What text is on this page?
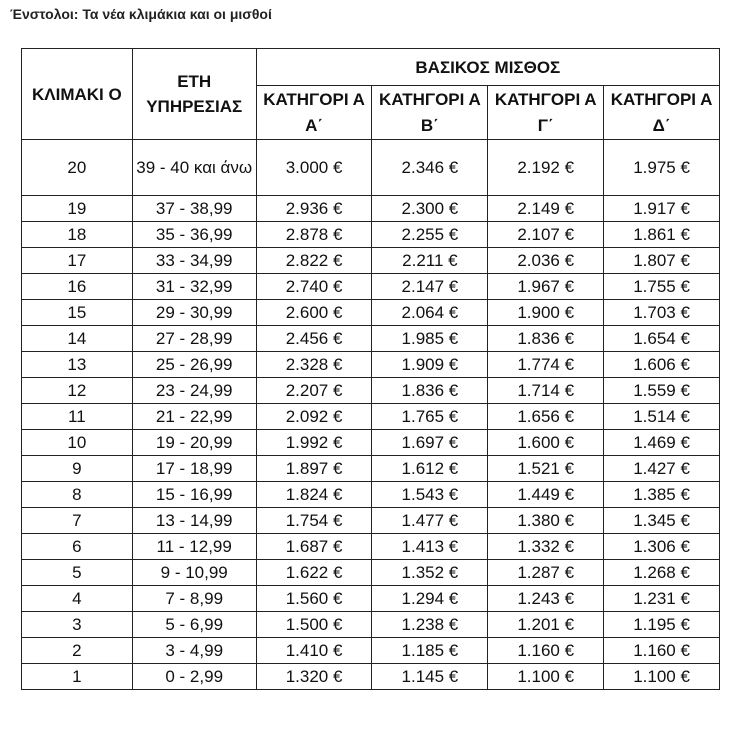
Ένστολοι: Τα νέα κλιμάκια και οι μισθοί
ΚΛΙΜΑΚΙ Ο	ΕΤΗ ΥΠΗΡΕΣΙΑΣ	ΒΑΣΙΚΟΣ ΜΙΣΘΟΣ			
		ΚΑΤΗΓΟΡΙ Α Α΄	ΚΑΤΗΓΟΡΙ Α Β΄	ΚΑΤΗΓΟΡΙ Α Γ΄	ΚΑΤΗΓΟΡΙ Α Δ΄
20	39 - 40 και άνω	3.000 €	2.346 €	2.192 €	1.975 €
19	37 - 38,99	2.936 €	2.300 €	2.149 €	1.917 €
18	35 - 36,99	2.878 €	2.255 €	2.107 €	1.861 €
17	33 - 34,99	2.822 €	2.211 €	2.036 €	1.807 €
16	31 - 32,99	2.740 €	2.147 €	1.967 €	1.755 €
15	29 - 30,99	2.600 €	2.064 €	1.900 €	1.703 €
14	27 - 28,99	2.456 €	1.985 €	1.836 €	1.654 €
13	25 - 26,99	2.328 €	1.909 €	1.774 €	1.606 €
12	23 - 24,99	2.207 €	1.836 €	1.714 €	1.559 €
11	21 - 22,99	2.092 €	1.765 €	1.656 €	1.514 €
10	19 - 20,99	1.992 €	1.697 €	1.600 €	1.469 €
9	17 - 18,99	1.897 €	1.612 €	1.521 €	1.427 €
8	15 - 16,99	1.824 €	1.543 €	1.449 €	1.385 €
7	13 - 14,99	1.754 €	1.477 €	1.380 €	1.345 €
6	11 - 12,99	1.687 €	1.413 €	1.332 €	1.306 €
5	9 - 10,99	1.622 €	1.352 €	1.287 €	1.268 €
4	7 - 8,99	1.560 €	1.294 €	1.243 €	1.231 €
3	5 - 6,99	1.500 €	1.238 €	1.201 €	1.195 €
2	3 - 4,99	1.410 €	1.185 €	1.160 €	1.160 €
1	0 - 2,99	1.320 €	1.145 €	1.100 €	1.100 €
